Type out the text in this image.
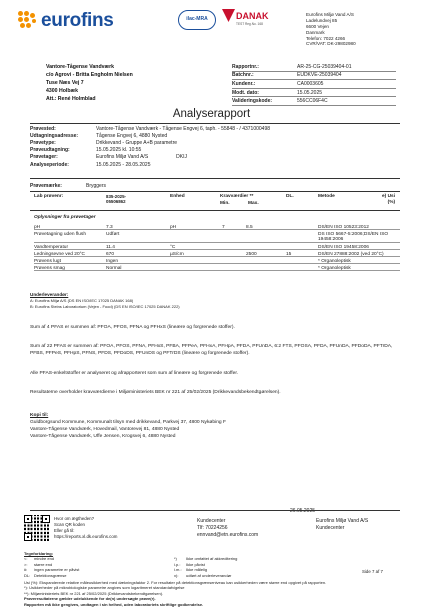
eurofins	ilac-MRA	DANAK
TEST Reg.No. 168
Eurofins Miljø Vand A/S
Ladelundvej 85
6600 Vejen
Danmark
Telefon: 7022 4266
CVR/VAT: DK-29802980
Vantore-Tågense Vandværk
c/o Agrovi - Britta Engholm Nielsen
Tuse Næs Vej 7
4300 Holbæk
Att.: René Holmblad
Rapportnr.:	AR-25-CG-25039404-01
Batchnr.:	EUDKVE-25039404
Kundenr.:	CA0003605
Modt. dato:	15.05.2025
Valideringskode:	556CC06F4C
Analyserapport
Prøvested:	Vantore-Tågense Vandværk - Tågense Engvej 6, taph. - 55848 - / 4371000498
Udtagningsadresse:	Tågense Engvej 6, 4880 Nysted
Prøvetype:	Drikkevand - Gruppe A+B parametre
Prøveudtagning:	15.05.2025 kl. 10:55
Prøvetager:	Eurofins Miljø Vand A/S	DKIJ
Analyseperiode:	15.05.2025 - 28.05.2025
Prøvemærke:	Bryggers
Lab prøvenr:	835-2025-
05506862
Enhed	Kravværdier **
Min.	Max.
DL.	Metode	e) Usi
(%)
Oplysninger fra prøvetager
pH	7.3	pH	7	8.5	DS/EN ISO 10523:2012
Prøvetagning uden flush	Udført	DS ISO 5667-5:2006;DS/EN ISO
19458:2006
Vandtemperatur	11.4	°C	DS/EN ISO 19458:2006
Ledningsevne ved 20°C	670	µS/cm	2500	15	DS/EN 27888:2002 (ved 20°C)
Prøvens lugt	Ingen	* Organoleptisk
Prøvens smag	Normal	* Organoleptisk
Underleverandør:
A: Eurofins Miljø A/S (DS EN ISO/IEC 17025 DANAK 168)
B: Eurofins Steins Laboratorium (Vejen - Food) (DS EN ISO/IEC 17025 DANAK 222)
Sum af 4 PFAS er summen af: PFOA, PFOS, PFNA og PFHxS (lineære og forgrenede stoffer).
Sum af 22 PFAS er summen af: PFOA, PFOS, PFNA, PFHxS, PFBA, PFPeA, PFHxA, PFHpA, PFDA, PFUnDA, 6:2 FTS, PFOSA, PFDA, PFUnDA, PFDoDA, PFTrDA, PFBS, PFPeS, PFHpS, PFNS, PFDS, PFDoDS, PFUnDS og PFTrDS (lineære og forgrenede stoffer).
Alle PFAS-enkeltstoffer er analyseret og afrapporteret som sum af lineære og forgrenede stoffer.
Resultaterne overholder kravværdierne i Miljøministeriets BEK nr 221 af 25/02/2025 (Drikkevandsbekendtgørelsen).
Kopi til:
Guldborgsund Kommune, Kommunalt tilsyn med drikkevand, Parkvej 37, 4800 Nykøbing F
Vantore-Tågense Vandværk, Hovedmail, Vantorevej 81, 4880 Nysted
Vantore-Tågense Vandværk, Uffe Jensen, Krogsvej 6, 4880 Nysted
26.05.2025
Hvor om ægtheden?
Scan QR koden
Eller gå til:
https://reports.xl.dk.eurofins.com
Kundecenter
Tlf: 70224256
ennvand@etn.eurofins.com
Eurofins Miljø Vand A/S
Kundecenter
Tegnforklaring:
<: mindre end
>: større end
#: ingen parametre er påvist
DL: Detektionsgrænse
*) Ikke omfattet af akkreditering
i.p.: Ikke påvist
i.m.: Ikke målelig
x): udført af underleverandør
Side 7 af 7
Usi (%): Ekspanderede relative måleusikkerhed med dækningsfaktor 2. For resultater på detektionsgrænseniveau kan usikkerheden være større end opgivet på rapporten.
*): Usikkerheder på mikrobiologiske parametre angives som logaritmeret standardafvigelse
**): Miljøministeriets BEK nr 221 af 25/02/2025 (Drikkevandsbekendtgørelsen).
Prøveresultaterne gælder udelukkende for de(n) undersøgte prøve(r).
Rapporten må ikke gengives, undtagen i sin helhed, uden laboratoriets skriftlige godkendelse.
